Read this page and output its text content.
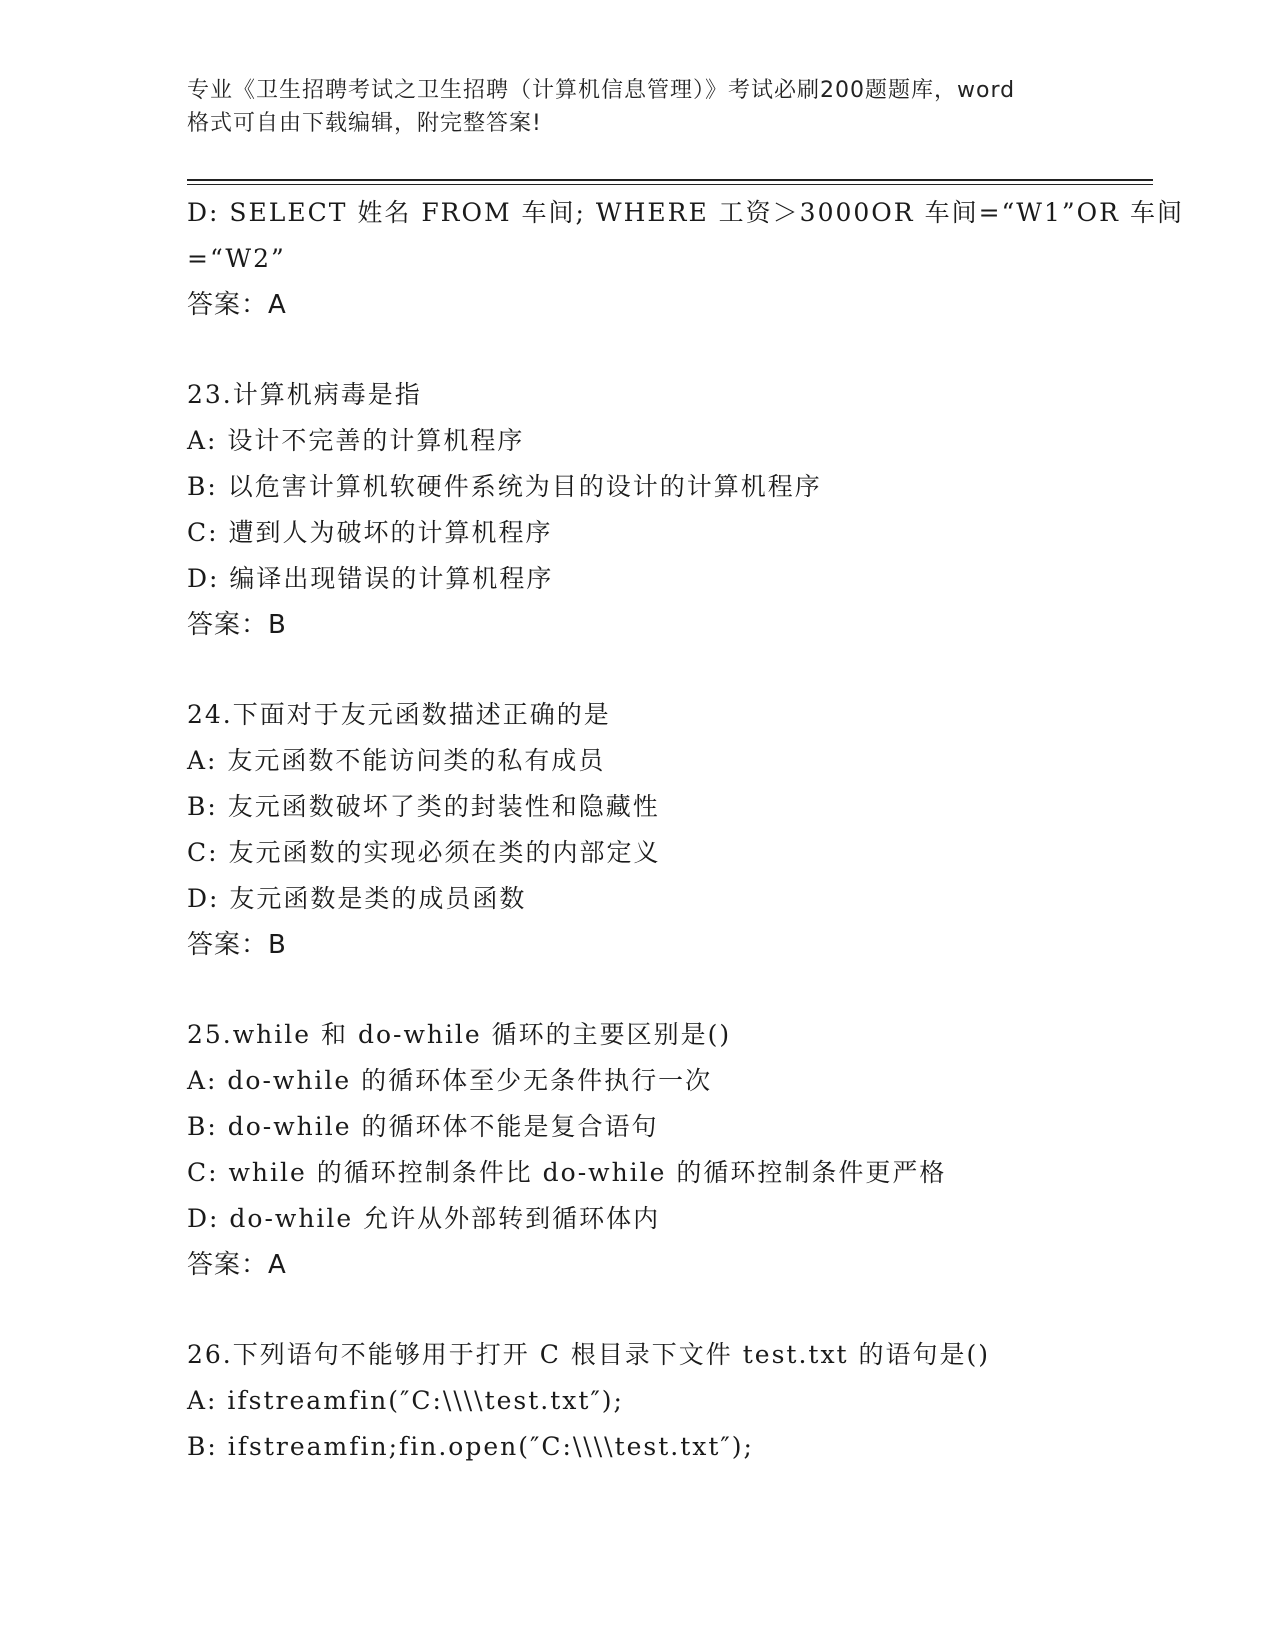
专业《卫生招聘考试之卫生招聘（计算机信息管理）》考试必刷200题题库，word
格式可自由下载编辑，附完整答案!
D: SELECT 姓名 FROM 车间; WHERE 工资＞3000OR 车间=“W1”OR 车间
=“W2”
答案：A
23.计算机病毒是指
A: 设计不完善的计算机程序
B: 以危害计算机软硬件系统为目的设计的计算机程序
C: 遭到人为破坏的计算机程序
D: 编译出现错误的计算机程序
答案：B
24.下面对于友元函数描述正确的是
A: 友元函数不能访问类的私有成员
B: 友元函数破坏了类的封装性和隐藏性
C: 友元函数的实现必须在类的内部定义
D: 友元函数是类的成员函数
答案：B
25.while 和 do-while 循环的主要区别是()
A: do-while 的循环体至少无条件执行一次
B: do-while 的循环体不能是复合语句
C: while 的循环控制条件比 do-while 的循环控制条件更严格
D: do-while 允许从外部转到循环体内
答案：A
26.下列语句不能够用于打开 C 根目录下文件 test.txt 的语句是()
A: ifstreamfin(″C:\\\\test.txt″);
B: ifstreamfin;fin.open(″C:\\\\test.txt″);
